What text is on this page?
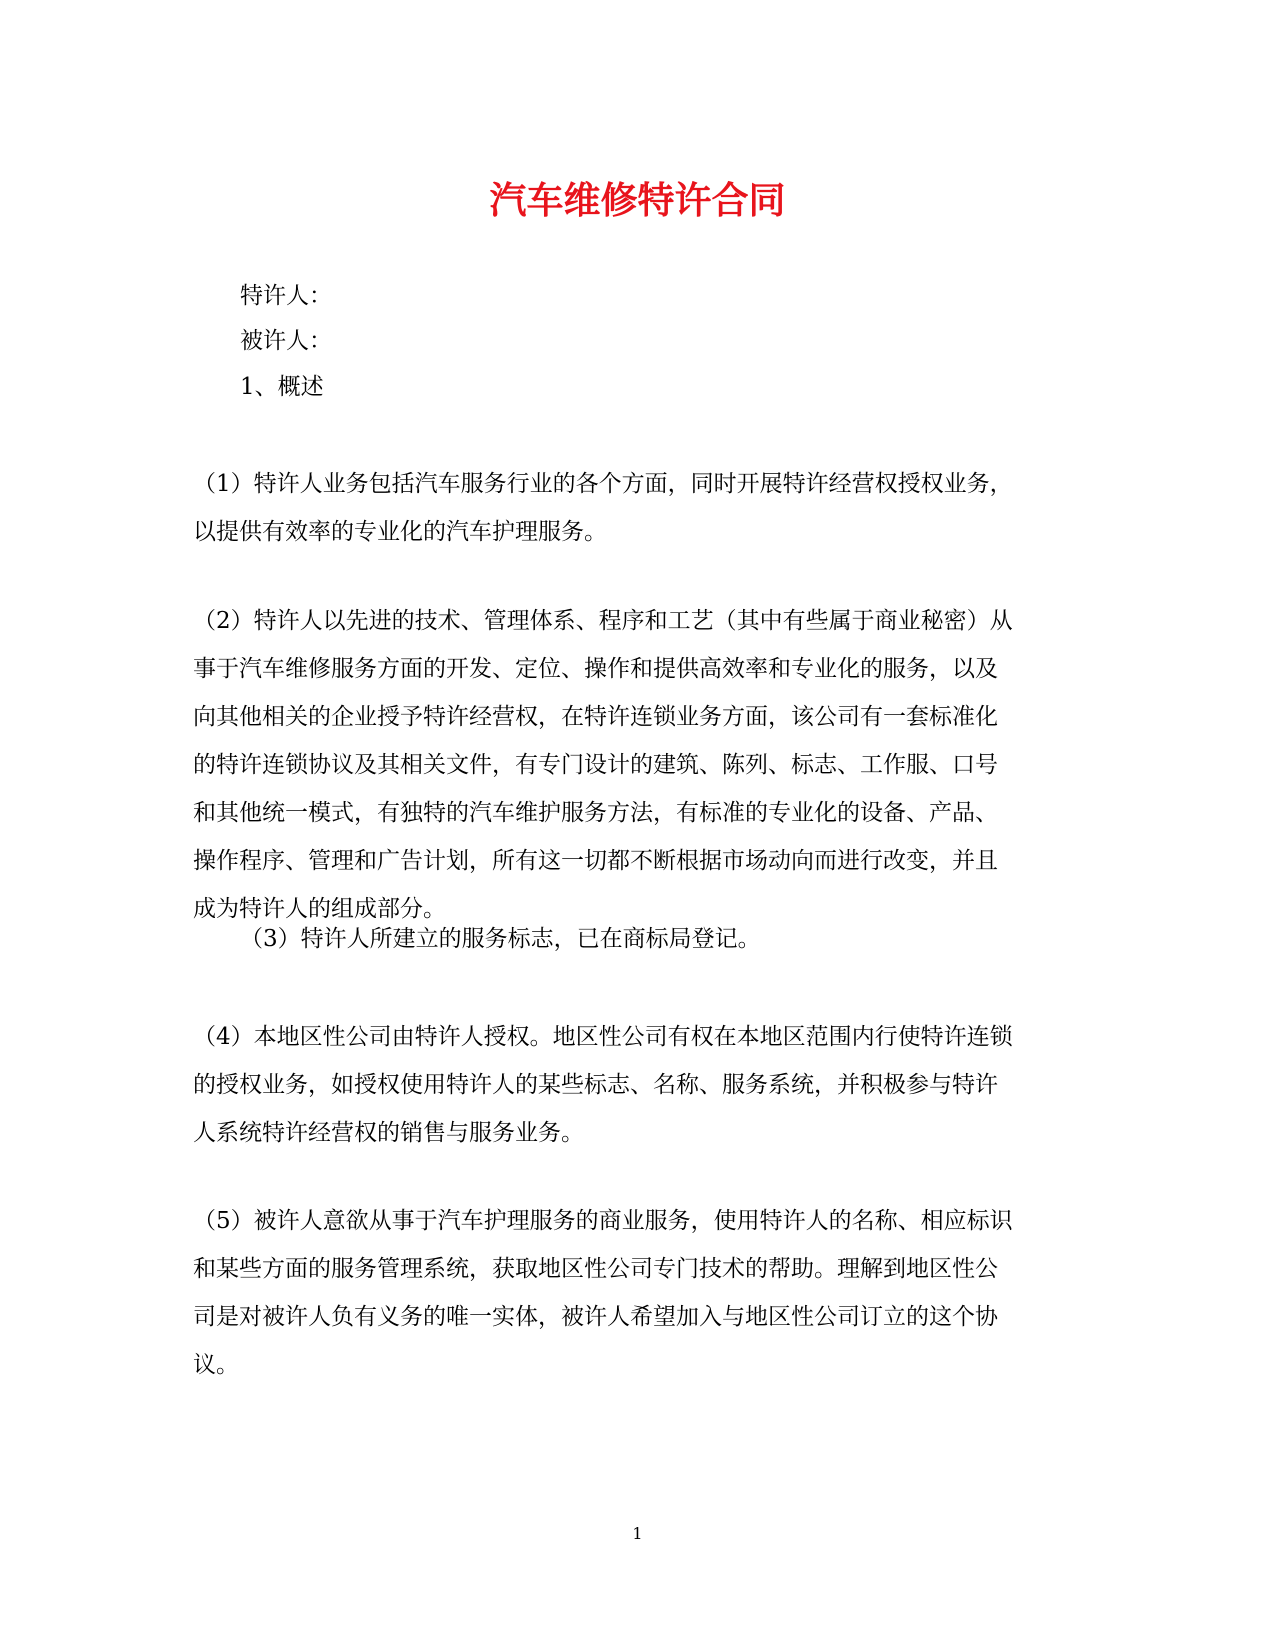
汽车维修特许合同
特许人：
被许人：
1、概述
（1）特许人业务包括汽车服务行业的各个方面，同时开展特许经营权授权业务，
以提供有效率的专业化的汽车护理服务。
（2）特许人以先进的技术、管理体系、程序和工艺（其中有些属于商业秘密）从
事于汽车维修服务方面的开发、定位、操作和提供高效率和专业化的服务，以及
向其他相关的企业授予特许经营权，在特许连锁业务方面，该公司有一套标准化
的特许连锁协议及其相关文件，有专门设计的建筑、陈列、标志、工作服、口号
和其他统一模式，有独特的汽车维护服务方法，有标准的专业化的设备、产品、
操作程序、管理和广告计划，所有这一切都不断根据市场动向而进行改变，并且
成为特许人的组成部分。
（3）特许人所建立的服务标志，已在商标局登记。
（4）本地区性公司由特许人授权。地区性公司有权在本地区范围内行使特许连锁
的授权业务，如授权使用特许人的某些标志、名称、服务系统，并积极参与特许
人系统特许经营权的销售与服务业务。
（5）被许人意欲从事于汽车护理服务的商业服务，使用特许人的名称、相应标识
和某些方面的服务管理系统，获取地区性公司专门技术的帮助。理解到地区性公
司是对被许人负有义务的唯一实体，被许人希望加入与地区性公司订立的这个协
议。
1
